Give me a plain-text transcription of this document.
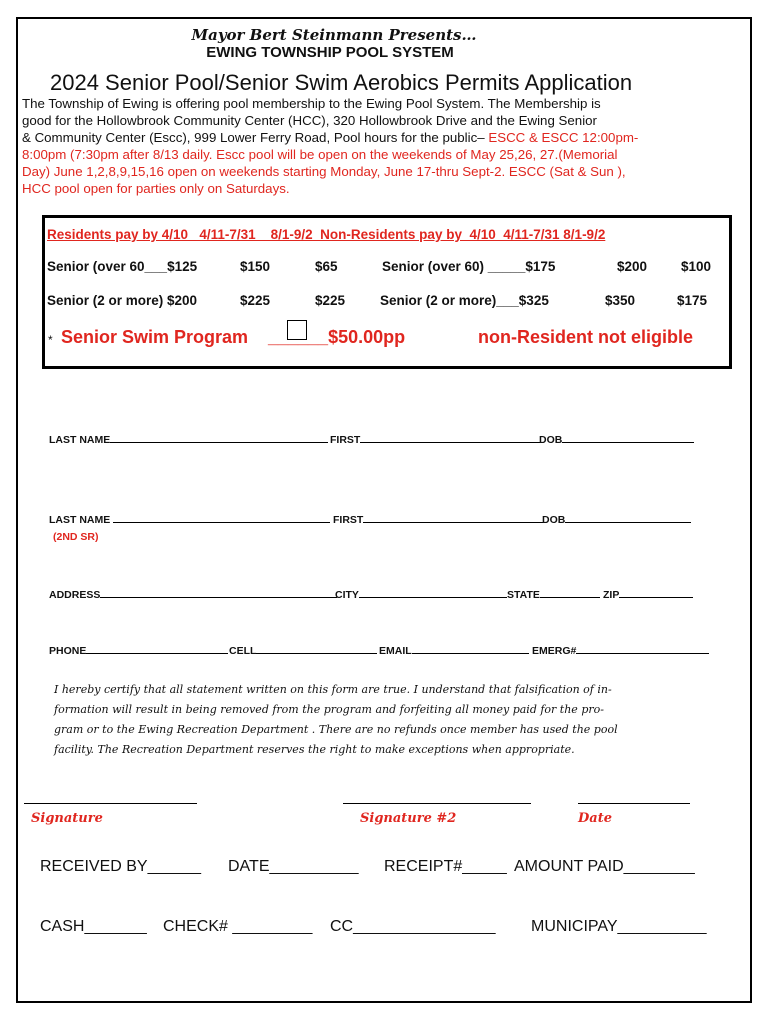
Mayor Bert Steinmann Presents…
EWING TOWNSHIP POOL SYSTEM
2024 Senior Pool/Senior Swim Aerobics Permits Application
The Township of Ewing is offering pool membership to the Ewing Pool System. The Membership is
good for the Hollowbrook Community Center (HCC), 320 Hollowbrook Drive and the Ewing Senior
& Community Center (Escc), 999 Lower Ferry Road, Pool hours for the public– ESCC & ESCC 12:00pm-
8:00pm (7:30pm after 8/13 daily. Escc pool will be open on the weekends of May 25,26, 27.(Memorial
Day) June 1,2,8,9,15,16 open on weekends starting Monday, June 17-thru Sept-2. ESCC (Sat & Sun ),
HCC pool open for parties only on Saturdays.
Residents pay by 4/10_ 4/11-7/31__8/1-9/2_Non-Residents pay by_4/10_4/11-7/31 8/1-9/2
Senior (over 60___$125	$150	$65	Senior (over 60) _____$175	$200	$100
Senior (2 or more) $200	$225	$225	Senior (2 or more)___$325	$350	$175
* Senior Swim Program ______$50.00pp	non-Resident not eligible
LAST NAME	FIRST	DOB
LAST NAME	FIRST	DOB
(2ND SR)
ADDRESS	CITY	STATE	ZIP
PHONE	CELL	EMAIL	EMERG#
I hereby certify that all statement written on this form are true. I understand that falsification of in-
formation will result in being removed from the program and forfeiting all money paid for the pro-
gram or to the Ewing Recreation Department . There are no refunds once member has used the pool
facility. The Recreation Department reserves the right to make exceptions when appropriate.
Signature	Signature #2	Date
RECEIVED BY______ DATE__________ RECEIPT#_____ AMOUNT PAID________
CASH_______ CHECK# _________ CC________________ MUNICIPAY__________
